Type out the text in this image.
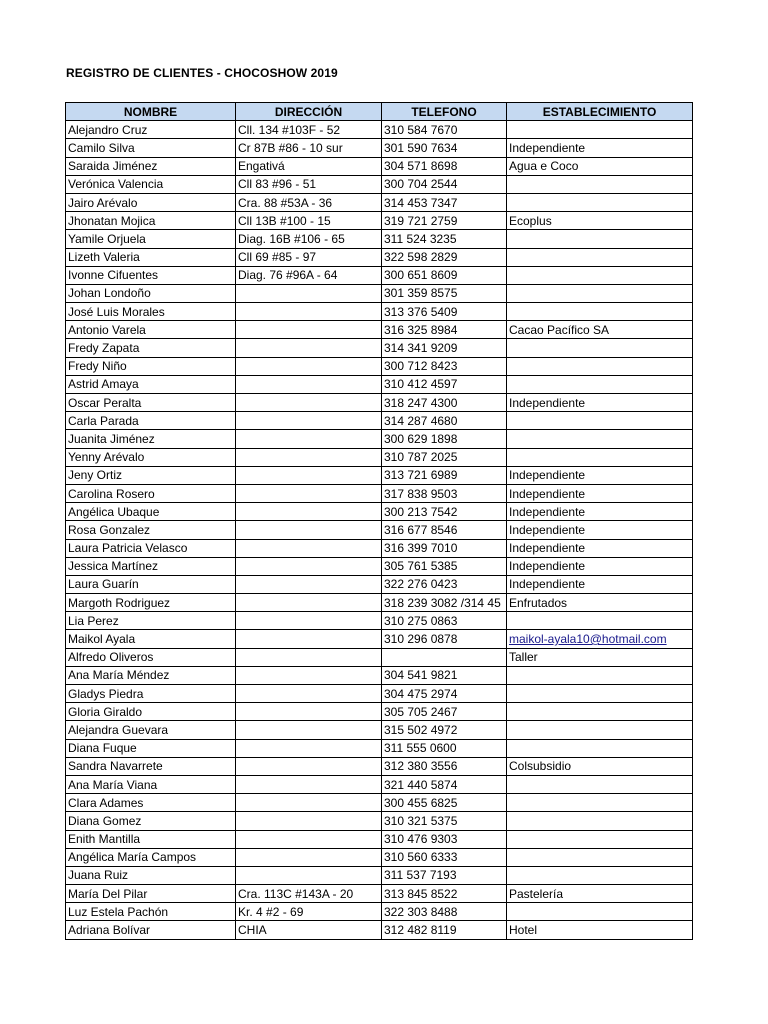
REGISTRO DE CLIENTES - CHOCOSHOW 2019
NOMBRE	DIRECCIÓN	TELEFONO	ESTABLECIMIENTO
Alejandro Cruz	Cll. 134 #103F - 52	310 584 7670	
Camilo Silva	Cr 87B #86 - 10 sur	301 590 7634	Independiente
Saraida Jiménez	Engativá	304 571 8698	Agua e Coco
Verónica Valencia	Cll 83 #96 - 51	300 704 2544	
Jairo Arévalo	Cra. 88 #53A - 36	314 453 7347	
Jhonatan Mojica	Cll 13B #100 - 15	319 721 2759	Ecoplus
Yamile Orjuela	Diag. 16B #106 - 65	311 524 3235	
Lizeth Valeria	Cll 69 #85 - 97	322 598 2829	
Ivonne Cifuentes	Diag. 76 #96A - 64	300 651 8609	
Johan Londoño		301 359 8575	
José Luis Morales		313 376 5409	
Antonio Varela		316 325 8984	Cacao Pacífico SA
Fredy Zapata		314 341 9209	
Fredy Niño		300 712 8423	
Astrid Amaya		310 412 4597	
Oscar Peralta		318 247 4300	Independiente
Carla Parada		314 287 4680	
Juanita Jiménez		300 629 1898	
Yenny Arévalo		310 787 2025	
Jeny Ortiz		313 721 6989	Independiente
Carolina Rosero		317 838 9503	Independiente
Angélica Ubaque		300 213 7542	Independiente
Rosa Gonzalez		316 677 8546	Independiente
Laura Patricia Velasco		316 399 7010	Independiente
Jessica Martínez		305 761 5385	Independiente
Laura Guarín		322 276 0423	Independiente
Margoth Rodriguez		318 239 3082 /314 45	Enfrutados
Lia Perez		310 275 0863	
Maikol Ayala		310 296 0878	maikol-ayala10@hotmail.com
Alfredo Oliveros			Taller
Ana María Méndez		304 541 9821	
Gladys Piedra		304 475 2974	
Gloria Giraldo		305 705 2467	
Alejandra Guevara		315 502 4972	
Diana Fuque		311 555 0600	
Sandra Navarrete		312 380 3556	Colsubsidio
Ana María Viana		321 440 5874	
Clara Adames		300 455 6825	
Diana Gomez		310 321 5375	
Enith Mantilla		310 476 9303	
Angélica María Campos		310 560 6333	
Juana Ruiz		311 537 7193	
María Del Pilar	Cra. 113C #143A - 20	313 845 8522	Pastelería
Luz Estela Pachón	Kr. 4 #2 - 69	322 303 8488	
Adriana Bolívar	CHIA	312 482 8119	Hotel
